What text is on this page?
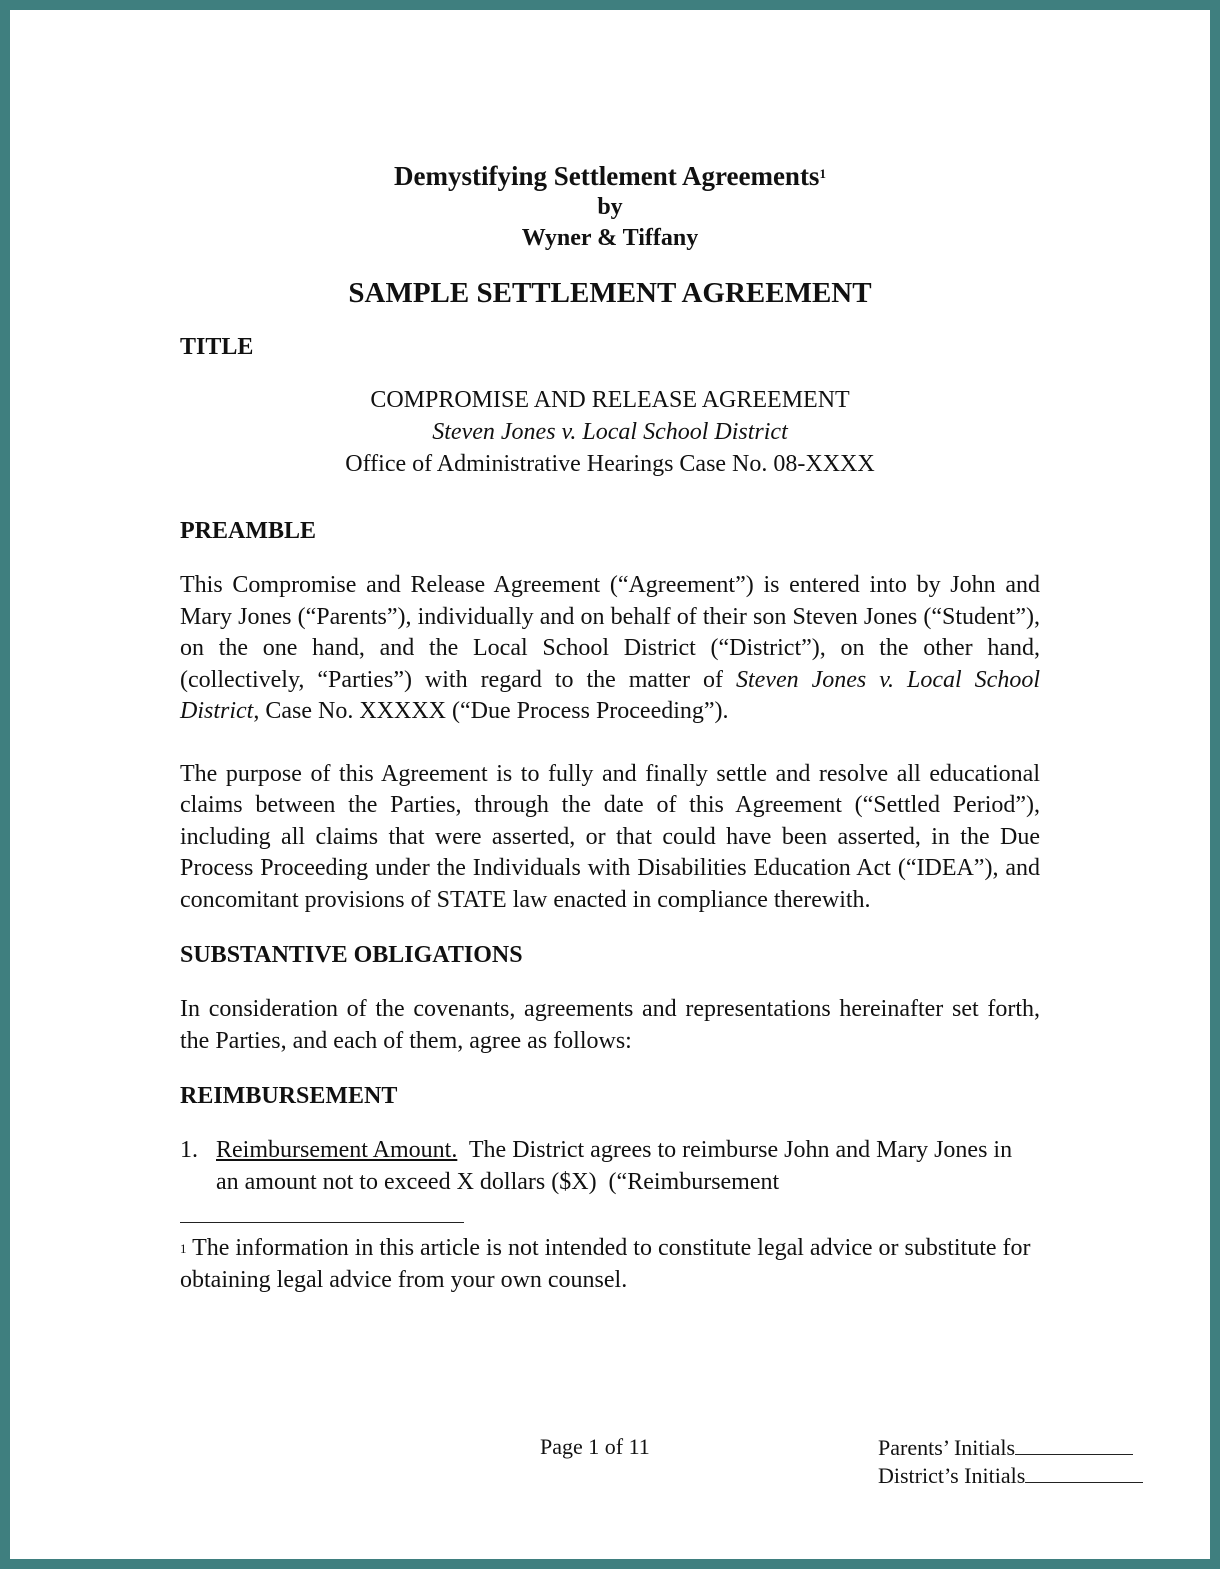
Demystifying Settlement Agreements$^1$
by
Wyner & Tiffany
SAMPLE SETTLEMENT AGREEMENT
TITLE
COMPROMISE AND RELEASE AGREEMENT
Steven Jones v. Local School District
Office of Administrative Hearings Case No. 08-XXXX
PREAMBLE
This Compromise and Release Agreement (“Agreement”) is entered into by John and Mary Jones (“Parents”), individually and on behalf of their son Steven Jones (“Student”), on the one hand, and the Local School District (“District”), on the other hand, (collectively, “Parties”) with regard to the matter of Steven Jones v. Local School District, Case No. XXXXX (“Due Process Proceeding”).
The purpose of this Agreement is to fully and finally settle and resolve all educational claims between the Parties, through the date of this Agreement (“Settled Period”), including all claims that were asserted, or that could have been asserted, in the Due Process Proceeding under the Individuals with Disabilities Education Act (“IDEA”), and concomitant provisions of STATE law enacted in compliance therewith.
SUBSTANTIVE OBLIGATIONS
In consideration of the covenants, agreements and representations hereinafter set forth, the Parties, and each of them, agree as follows:
REIMBURSEMENT
1. Reimbursement Amount.  The District agrees to reimburse John and Mary Jones in an amount not to exceed X dollars ($X)  (“Reimbursement
$^1$ The information in this article is not intended to constitute legal advice or substitute for obtaining legal advice from your own counsel.
Page 1 of 11	Parents’ Initials
District’s Initials
